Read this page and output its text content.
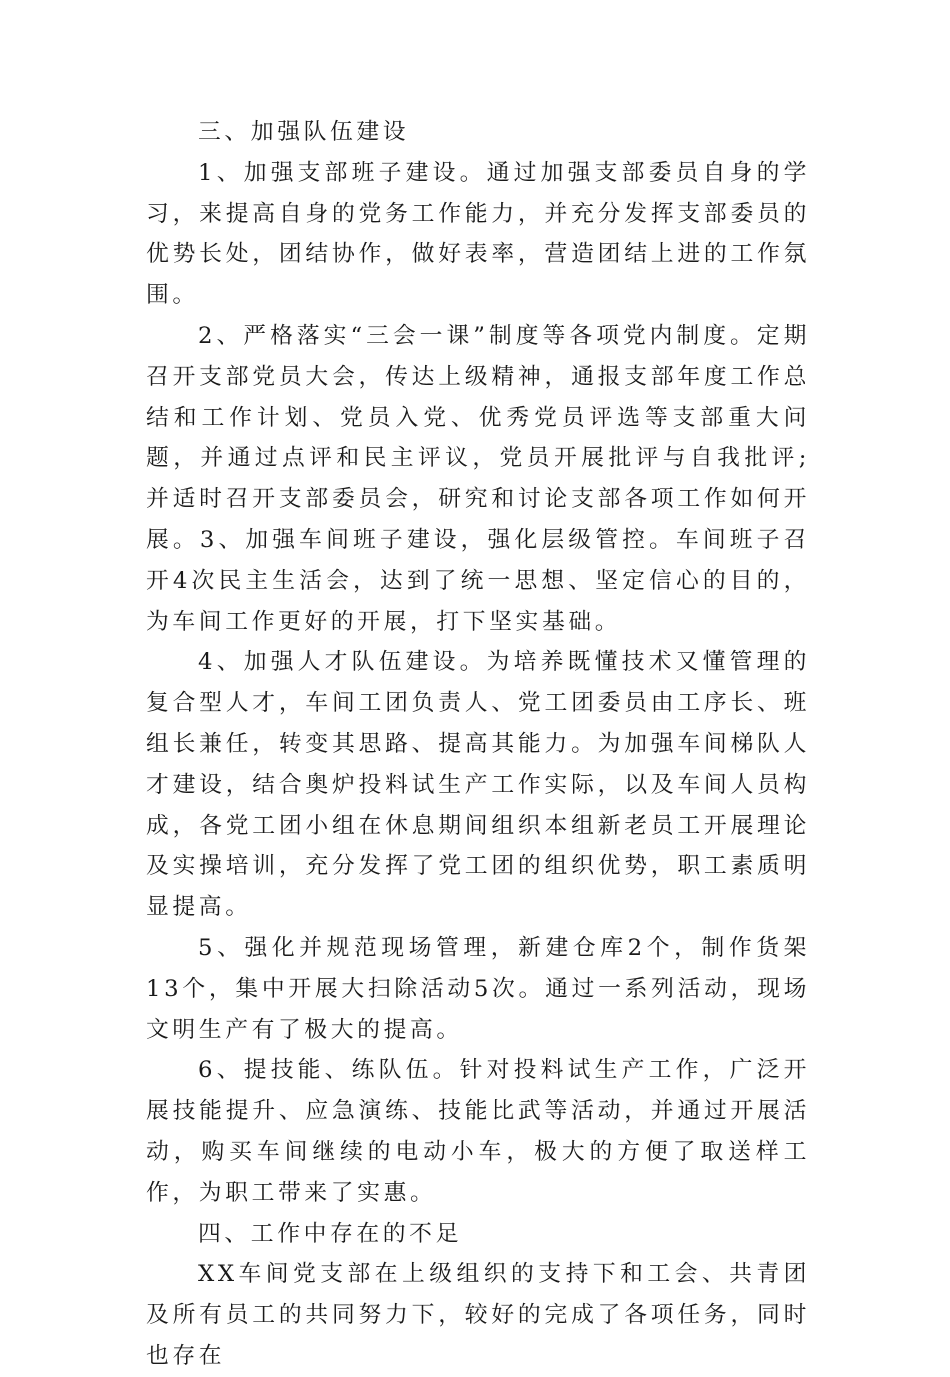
三、加强队伍建设

1、加强支部班子建设。通过加强支部委员自身的学习，来提高自身的党务工作能力，并充分发挥支部委员的优势长处，团结协作，做好表率，营造团结上进的工作氛围。

2、严格落实“三会一课”制度等各项党内制度。定期召开支部党员大会，传达上级精神，通报支部年度工作总结和工作计划、党员入党、优秀党员评选等支部重大问题，并通过点评和民主评议，党员开展批评与自我批评;并适时召开支部委员会，研究和讨论支部各项工作如何开展。3、加强车间班子建设，强化层级管控。车间班子召开4次民主生活会，达到了统一思想、坚定信心的目的，为车间工作更好的开展，打下坚实基础。

4、加强人才队伍建设。为培养既懂技术又懂管理的复合型人才，车间工团负责人、党工团委员由工序长、班组长兼任，转变其思路、提高其能力。为加强车间梯队人才建设，结合奥炉投料试生产工作实际，以及车间人员构成，各党工团小组在休息期间组织本组新老员工开展理论及实操培训，充分发挥了党工团的组织优势，职工素质明显提高。

5、强化并规范现场管理，新建仓库2个，制作货架13个，集中开展大扫除活动5次。通过一系列活动，现场文明生产有了极大的提高。

6、提技能、练队伍。针对投料试生产工作，广泛开展技能提升、应急演练、技能比武等活动，并通过开展活动，购买车间继续的电动小车，极大的方便了取送样工作，为职工带来了实惠。

四、工作中存在的不足

XX车间党支部在上级组织的支持下和工会、共青团及所有员工的共同努力下，较好的完成了各项任务，同时也存在
